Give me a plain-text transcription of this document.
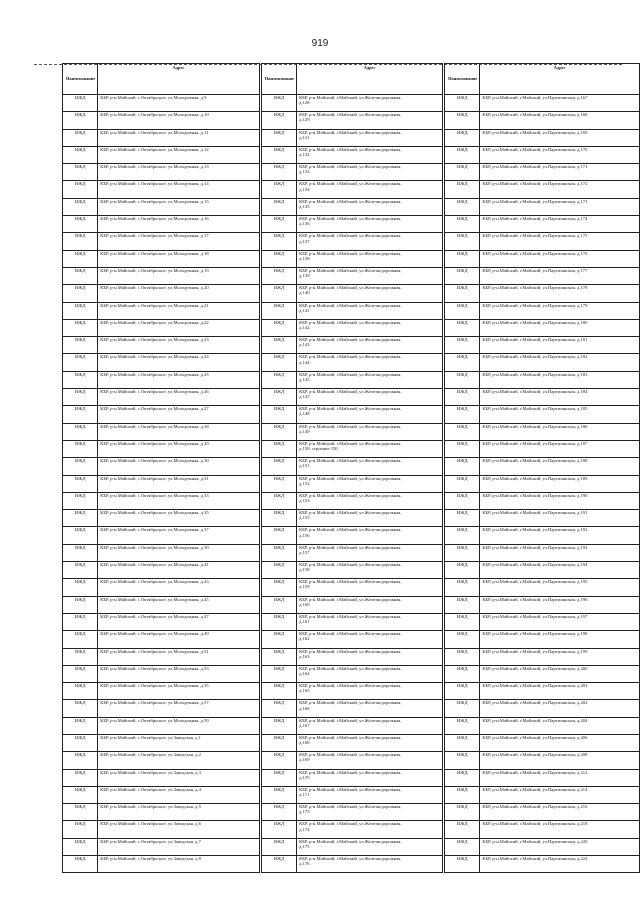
919
Наименование	Адрес
ИЖД	КБР, р-н.Майский, с.Октябрьское, ул.Молодежная, д.9

ИЖД	КБР, р-н.Майский, с.Октябрьское, ул.Молодежная, д.10

ИЖД	КБР, р-н.Майский, с.Октябрьское, ул.Молодежная, д.11

ИЖД	КБР, р-н.Майский, с.Октябрьское, ул.Молодежная, д.12

ИЖД	КБР, р-н.Майский, с.Октябрьское, ул.Молодежная, д.13

ИЖД	КБР, р-н.Майский, с.Октябрьское, ул.Молодежная, д.14

ИЖД	КБР, р-н.Майский, с.Октябрьское, ул.Молодежная, д.15

ИЖД	КБР, р-н.Майский, с.Октябрьское, ул.Молодежная, д.16

ИЖД	КБР, р-н.Майский, с.Октябрьское, ул.Молодежная, д.17

ИЖД	КБР, р-н.Майский, с.Октябрьское, ул.Молодежная, д.18

ИЖД	КБР, р-н.Майский, с.Октябрьское, ул.Молодежная, д.19

ИЖД	КБР, р-н.Майский, с.Октябрьское, ул.Молодежная, д.20

ИЖД	КБР, р-н.Майский, с.Октябрьское, ул.Молодежная, д.21

ИЖД	КБР, р-н.Майский, с.Октябрьское, ул.Молодежная, д.22

ИЖД	КБР, р-н.Майский, с.Октябрьское, ул.Молодежная, д.23

ИЖД	КБР, р-н.Майский, с.Октябрьское, ул.Молодежная, д.24

ИЖД	КБР, р-н.Майский, с.Октябрьское, ул.Молодежная, д.25

ИЖД	КБР, р-н.Майский, с.Октябрьское, ул.Молодежная, д.26

ИЖД	КБР, р-н.Майский, с.Октябрьское, ул.Молодежная, д.27

ИЖД	КБР, р-н.Майский, с.Октябрьское, ул.Молодежная, д.28

ИЖД	КБР, р-н.Майский, с.Октябрьское, ул.Молодежная, д.29

ИЖД	КБР, р-н.Майский, с.Октябрьское, ул.Молодежная, д.30

ИЖД	КБР, р-н.Майский, с.Октябрьское, ул.Молодежная, д.31

ИЖД	КБР, р-н.Майский, с.Октябрьское, ул.Молодежная, д.33

ИЖД	КБР, р-н.Майский, с.Октябрьское, ул.Молодежная, д.35

ИЖД	КБР, р-н.Майский, с.Октябрьское, ул.Молодежная, д.37

ИЖД	КБР, р-н.Майский, с.Октябрьское, ул.Молодежная, д.39

ИЖД	КБР, р-н.Майский, с.Октябрьское, ул.Молодежная, д.41

ИЖД	КБР, р-н.Майский, с.Октябрьское, ул.Молодежная, д.43

ИЖД	КБР, р-н.Майский, с.Октябрьское, ул.Молодежная, д.45

ИЖД	КБР, р-н.Майский, с.Октябрьское, ул.Молодежная, д.47

ИЖД	КБР, р-н.Майский, с.Октябрьское, ул.Молодежная, д.49

ИЖД	КБР, р-н.Майский, с.Октябрьское, ул.Молодежная, д.51

ИЖД	КБР, р-н.Майский, с.Октябрьское, ул.Молодежная, д.53

ИЖД	КБР, р-н.Майский, с.Октябрьское, ул.Молодежная, д.55

ИЖД	КБР, р-н.Майский, с.Октябрьское, ул.Молодежная, д.57

ИЖД	КБР, р-н.Майский, с.Октябрьское, ул.Молодежная, д.59

ИЖД	КБР, р-н.Майский, с.Октябрьское, ул.Заводская, д.1

ИЖД	КБР, р-н.Майский, с.Октябрьское, ул.Заводская, д.2

ИЖД	КБР, р-н.Майский, с.Октябрьское, ул.Заводская, д.3

ИЖД	КБР, р-н.Майский, с.Октябрьское, ул.Заводская, д.4

ИЖД	КБР, р-н.Майский, с.Октябрьское, ул.Заводская, д.5

ИЖД	КБР, р-н.Майский, с.Октябрьское, ул.Заводская, д.6

ИЖД	КБР, р-н.Майский, с.Октябрьское, ул.Заводская, д.7

ИЖД	КБР, р-н.Майский, с.Октябрьское, ул.Заводская, д.8
Наименование	Адрес
ИЖД	КБР, р-н.Майский, г.Майский, ул.Железнодорожная,
д.128

ИЖД	КБР, р-н.Майский, г.Майский, ул.Железнодорожная,
д.129

ИЖД	КБР, р-н.Майский, г.Майский, ул.Железнодорожная,
д.131

ИЖД	КБР, р-н.Майский, г.Майский, ул.Железнодорожная,
д.132

ИЖД	КБР, р-н.Майский, г.Майский, ул.Железнодорожная,
д.133

ИЖД	КБР, р-н.Майский, г.Майский, ул.Железнодорожная,
д.134

ИЖД	КБР, р-н.Майский, г.Майский, ул.Железнодорожная,
д.135

ИЖД	КБР, р-н.Майский, г.Майский, ул.Железнодорожная,
д.136

ИЖД	КБР, р-н.Майский, г.Майский, ул.Железнодорожная,
д.137

ИЖД	КБР, р-н.Майский, г.Майский, ул.Железнодорожная,
д.138

ИЖД	КБР, р-н.Майский, г.Майский, ул.Железнодорожная,
д.139

ИЖД	КБР, р-н.Майский, г.Майский, ул.Железнодорожная,
д.140

ИЖД	КБР, р-н.Майский, г.Майский, ул.Железнодорожная,
д.141

ИЖД	КБР, р-н.Майский, г.Майский, ул.Железнодорожная,
д.142

ИЖД	КБР, р-н.Майский, г.Майский, ул.Железнодорожная,
д.143

ИЖД	КБР, р-н.Майский, г.Майский, ул.Железнодорожная,
д.144

ИЖД	КБР, р-н.Майский, г.Майский, ул.Железнодорожная,
д.145

ИЖД	КБР, р-н.Майский, г.Майский, ул.Железнодорожная,
д.147

ИЖД	КБР, р-н.Майский, г.Майский, ул.Железнодорожная,
д.148

ИЖД	КБР, р-н.Майский, г.Майский, ул.Железнодорожная,
д.149

ИЖД	КБР, р-н.Майский, г.Майский, ул.Железнодорожная,
д.150, строение 150

ИЖД	КБР, р-н.Майский, г.Майский, ул.Железнодорожная,
д.151

ИЖД	КБР, р-н.Майский, г.Майский, ул.Железнодорожная,
д.152

ИЖД	КБР, р-н.Майский, г.Майский, ул.Железнодорожная,
д.153

ИЖД	КБР, р-н.Майский, г.Майский, ул.Железнодорожная,
д.155

ИЖД	КБР, р-н.Майский, г.Майский, ул.Железнодорожная,
д.156

ИЖД	КБР, р-н.Майский, г.Майский, ул.Железнодорожная,
д.157

ИЖД	КБР, р-н.Майский, г.Майский, ул.Железнодорожная,
д.158

ИЖД	КБР, р-н.Майский, г.Майский, ул.Железнодорожная,
д.159

ИЖД	КБР, р-н.Майский, г.Майский, ул.Железнодорожная,
д.160

ИЖД	КБР, р-н.Майский, г.Майский, ул.Железнодорожная,
д.161

ИЖД	КБР, р-н.Майский, г.Майский, ул.Железнодорожная,
д.162

ИЖД	КБР, р-н.Майский, г.Майский, ул.Железнодорожная,
д.163

ИЖД	КБР, р-н.Майский, г.Майский, ул.Железнодорожная,
д.164

ИЖД	КБР, р-н.Майский, г.Майский, ул.Железнодорожная,
д.165

ИЖД	КБР, р-н.Майский, г.Майский, ул.Железнодорожная,
д.166

ИЖД	КБР, р-н.Майский, г.Майский, ул.Железнодорожная,
д.167

ИЖД	КБР, р-н.Майский, г.Майский, ул.Железнодорожная,
д.168

ИЖД	КБР, р-н.Майский, г.Майский, ул.Железнодорожная,
д.169

ИЖД	КБР, р-н.Майский, г.Майский, ул.Железнодорожная,
д.170

ИЖД	КБР, р-н.Майский, г.Майский, ул.Железнодорожная,
д.171

ИЖД	КБР, р-н.Майский, г.Майский, ул.Железнодорожная,
д.173

ИЖД	КБР, р-н.Майский, г.Майский, ул.Железнодорожная,
д.174

ИЖД	КБР, р-н.Майский, г.Майский, ул.Железнодорожная,
д.175

ИЖД	КБР, р-н.Майский, г.Майский, ул.Железнодорожная,
д.176
Наименование	Адрес
ИЖД	КБР, р-н.Майский, г.Майский, ул.Партизанская, д.167

ИЖД	КБР, р-н.Майский, г.Майский, ул.Партизанская, д.168

ИЖД	КБР, р-н.Майский, г.Майский, ул.Партизанская, д.169

ИЖД	КБР, р-н.Майский, г.Майский, ул.Партизанская, д.170

ИЖД	КБР, р-н.Майский, г.Майский, ул.Партизанская, д.171

ИЖД	КБР, р-н.Майский, г.Майский, ул.Партизанская, д.172

ИЖД	КБР, р-н.Майский, г.Майский, ул.Партизанская, д.173

ИЖД	КБР, р-н.Майский, г.Майский, ул.Партизанская, д.174

ИЖД	КБР, р-н.Майский, г.Майский, ул.Партизанская, д.175

ИЖД	КБР, р-н.Майский, г.Майский, ул.Партизанская, д.176

ИЖД	КБР, р-н.Майский, г.Майский, ул.Партизанская, д.177

ИЖД	КБР, р-н.Майский, г.Майский, ул.Партизанская, д.178

ИЖД	КБР, р-н.Майский, г.Майский, ул.Партизанская, д.179

ИЖД	КБР, р-н.Майский, г.Майский, ул.Партизанская, д.180

ИЖД	КБР, р-н.Майский, г.Майский, ул.Партизанская, д.181

ИЖД	КБР, р-н.Майский, г.Майский, ул.Партизанская, д.182

ИЖД	КБР, р-н.Майский, г.Майский, ул.Партизанская, д.183

ИЖД	КБР, р-н.Майский, г.Майский, ул.Партизанская, д.184

ИЖД	КБР, р-н.Майский, г.Майский, ул.Партизанская, д.185

ИЖД	КБР, р-н.Майский, г.Майский, ул.Партизанская, д.186

ИЖД	КБР, р-н.Майский, г.Майский, ул.Партизанская, д.187

ИЖД	КБР, р-н.Майский, г.Майский, ул.Партизанская, д.188

ИЖД	КБР, р-н.Майский, г.Майский, ул.Партизанская, д.189

ИЖД	КБР, р-н.Майский, г.Майский, ул.Партизанская, д.190

ИЖД	КБР, р-н.Майский, г.Майский, ул.Партизанская, д.191

ИЖД	КБР, р-н.Майский, г.Майский, ул.Партизанская, д.192

ИЖД	КБР, р-н.Майский, г.Майский, ул.Партизанская, д.193

ИЖД	КБР, р-н.Майский, г.Майский, ул.Партизанская, д.194

ИЖД	КБР, р-н.Майский, г.Майский, ул.Партизанская, д.195

ИЖД	КБР, р-н.Майский, г.Майский, ул.Партизанская, д.196

ИЖД	КБР, р-н.Майский, г.Майский, ул.Партизанская, д.197

ИЖД	КБР, р-н.Майский, г.Майский, ул.Партизанская, д.198

ИЖД	КБР, р-н.Майский, г.Майский, ул.Партизанская, д.199

ИЖД	КБР, р-н.Майский, г.Майский, ул.Партизанская, д.200

ИЖД	КБР, р-н.Майский, г.Майский, ул.Партизанская, д.201

ИЖД	КБР, р-н.Майский, г.Майский, ул.Партизанская, д.202

ИЖД	КБР, р-н.Майский, г.Майский, ул.Партизанская, д.204

ИЖД	КБР, р-н.Майский, г.Майский, ул.Партизанская, д.206

ИЖД	КБР, р-н.Майский, г.Майский, ул.Партизанская, д.208

ИЖД	КБР, р-н.Майский, г.Майский, ул.Партизанская, д.212

ИЖД	КБР, р-н.Майский, г.Майский, ул.Партизанская, д.214

ИЖД	КБР, р-н.Майский, г.Майский, ул.Партизанская, д.216

ИЖД	КБР, р-н.Майский, г.Майский, ул.Партизанская, д.218

ИЖД	КБР, р-н.Майский, г.Майский, ул.Партизанская, д.220

ИЖД	КБР, р-н.Майский, г.Майский, ул.Партизанская, д.222
